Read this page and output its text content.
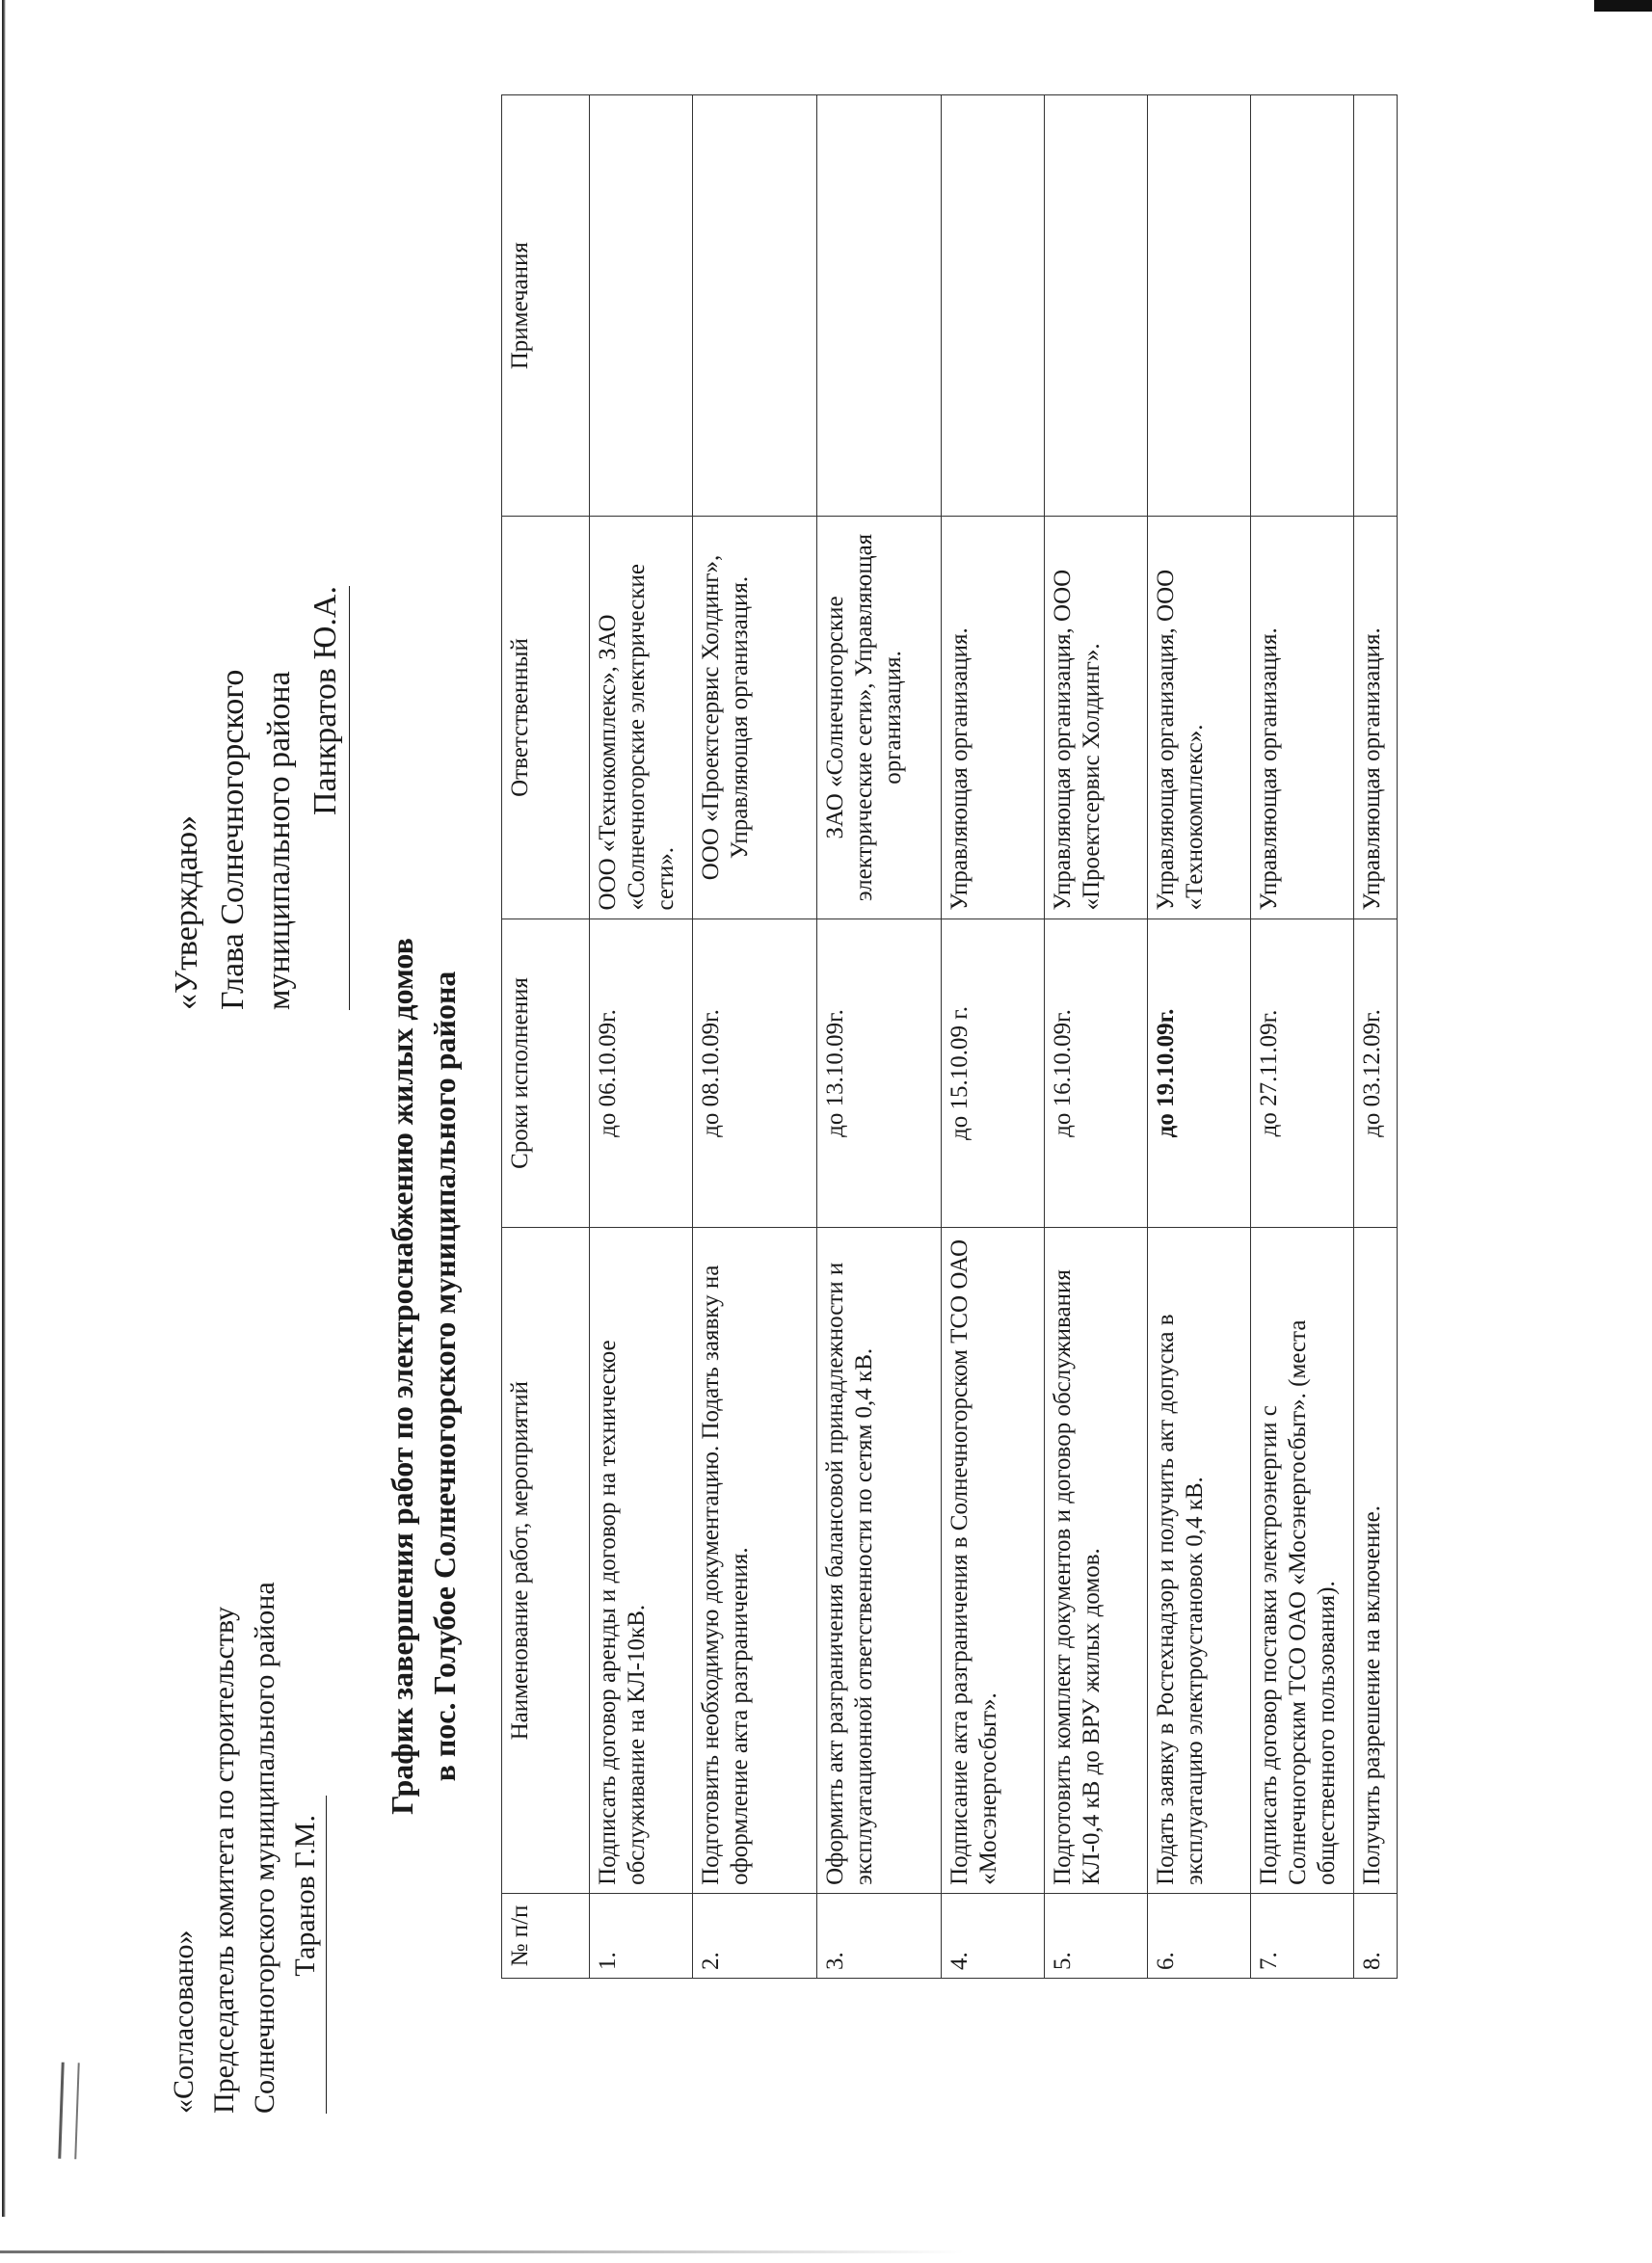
«Согласовано» Председатель комитета по строительству Солнечногорского муниципального района Таранов Г.М.
«Утверждаю» Глава Солнечногорского муниципального района Панкратов Ю.А.
График завершения работ по электроснабжению жилых домов в пос. Голубое Солнечногорского муниципального района
№ п/п	Наименование работ, мероприятий	Сроки исполнения	Ответственный	Примечания
1.	Подписать договор аренды и договор на техническое обслуживание на КЛ-10кВ.	до 06.10.09г.	ООО «Технокомплекс», ЗАО «Солнечногорские электрические сети».	
2.	Подготовить необходимую документацию. Подать заявку на оформление акта разграничения.	до 08.10.09г.	ООО «Проектсервис Холдинг», Управляющая организация.	
3.	Оформить акт разграничения балансовой принадлежности и эксплуатационной ответственности по сетям 0,4 кВ.	до 13.10.09г.	ЗАО «Солнечногорские электрические сети», Управляющая организация.	
4.	Подписание акта разграничения в Солнечногорском ТСО ОАО «Мосэнергосбыт».	до 15.10.09 г.	Управляющая организация.	
5.	Подготовить комплект документов и договор обслуживания КЛ-0,4 кВ до ВРУ жилых домов.	до 16.10.09г.	Управляющая организация, ООО «Проектсервис Холдинг».	
6.	Подать заявку в Ростехнадзор и получить акт допуска в эксплуатацию электроустановок 0,4 кВ.	до 19.10.09г.	Управляющая организация, ООО «Технокомплекс».	
7.	Подписать договор поставки электроэнергии с Солнечногорским ТСО ОАО «Мосэнергосбыт». (места общественного пользования).	до 27.11.09г.	Управляющая организация.	
8.	Получить разрешение на включение.	до 03.12.09г.	Управляющая организация.	
